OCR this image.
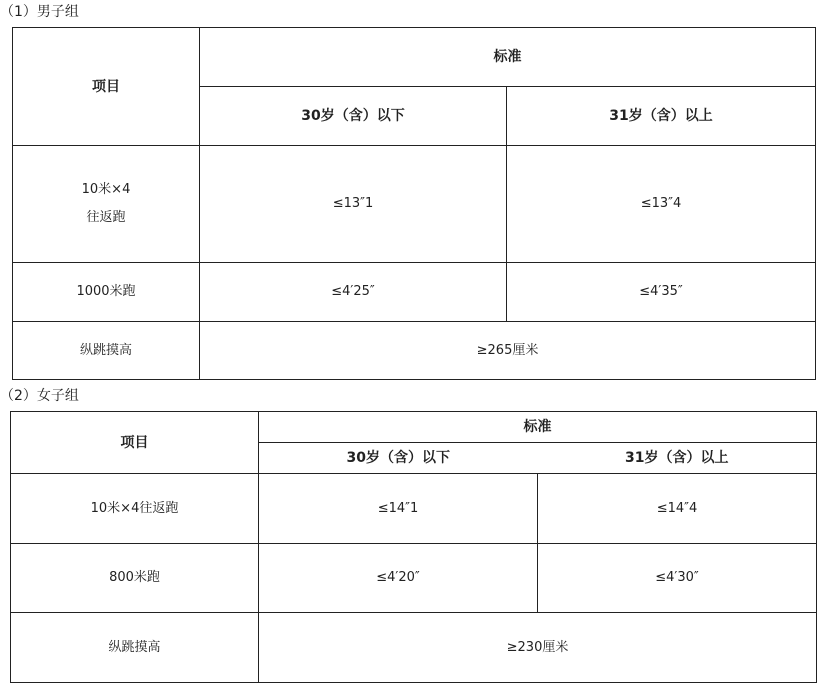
（1）男子组
项目	标准	
	30岁（含）以下	31岁（含）以上

10米×4
往返跑	≤13″1	≤13″4
1000米跑	≤4′25″	≤4′35″
纵跳摸高	≥265厘米	
（2）女子组
项目	标准	
	30岁（含）以下	31岁（含）以上
10米×4往返跑	≤14″1	≤14″4
800米跑	≤4′20″	≤4′30″
纵跳摸高	≥230厘米	
